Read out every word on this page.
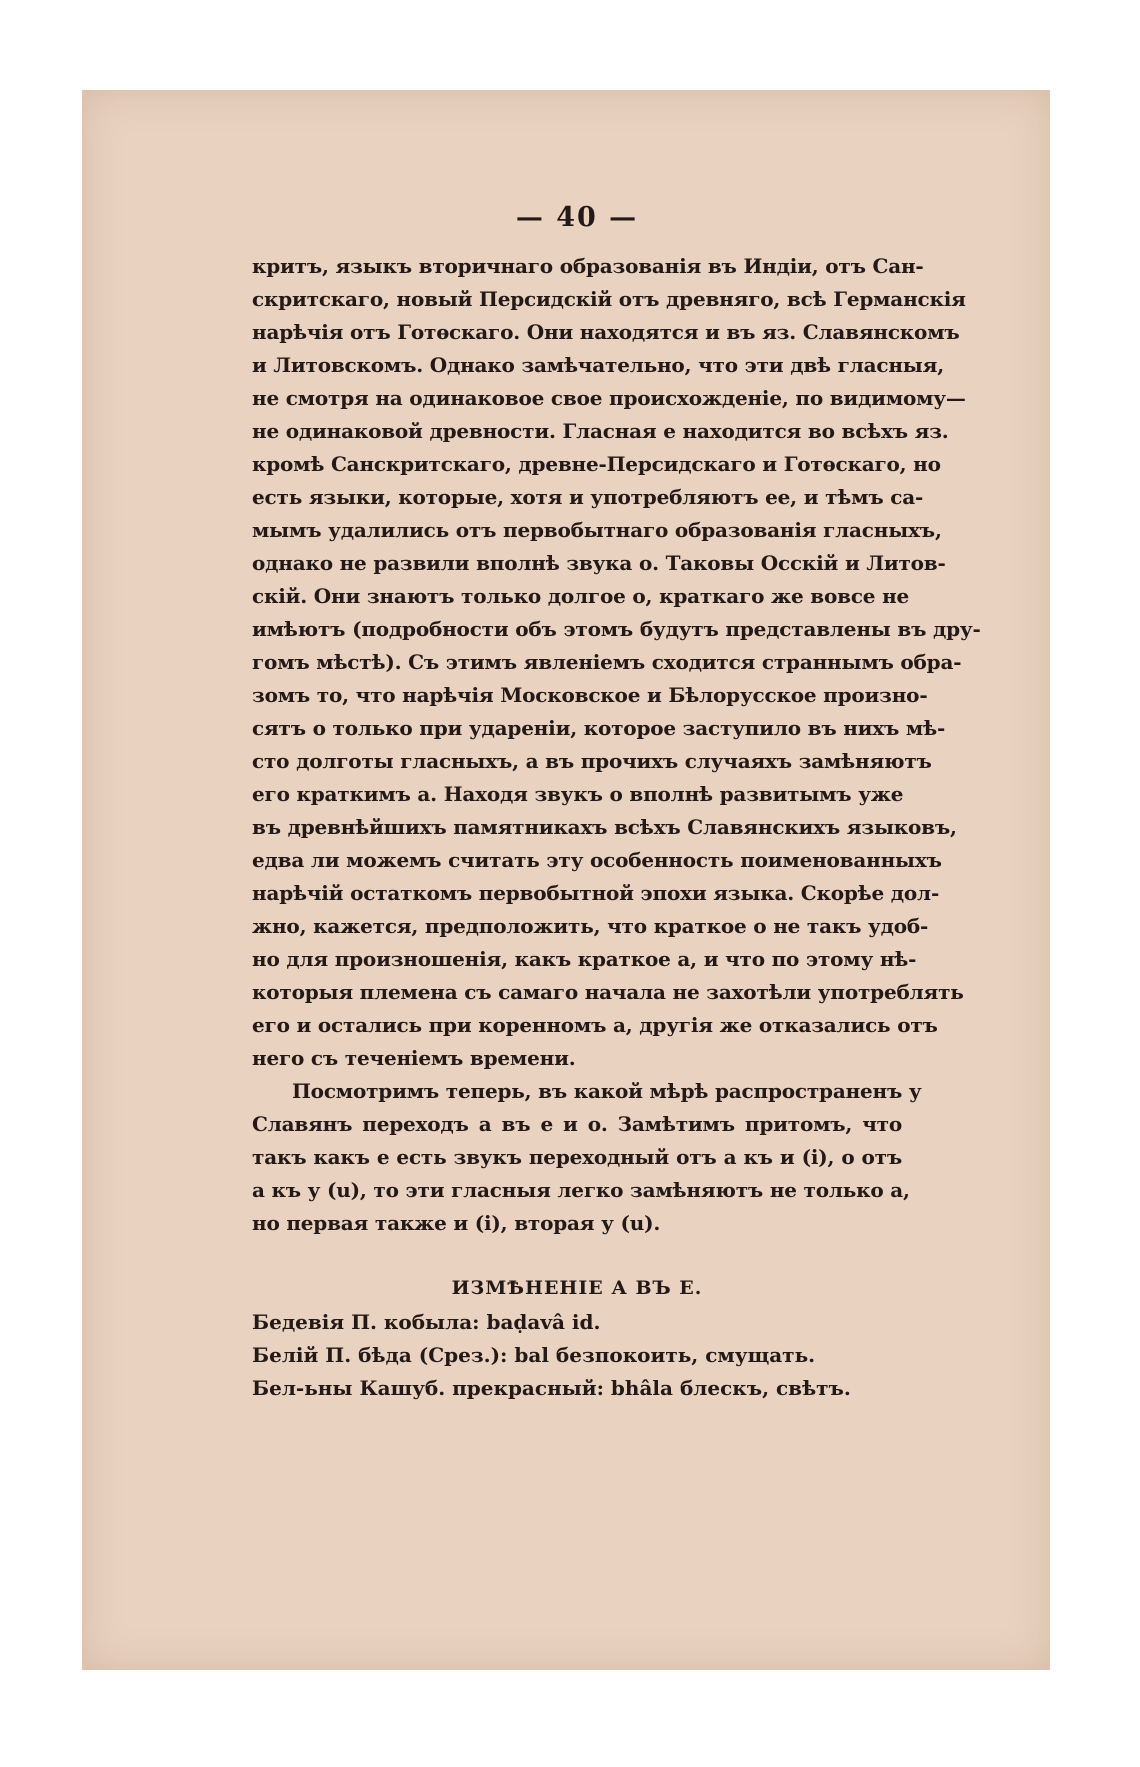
— 40 —
критъ, языкъ вторичнаго образованія въ Индіи, отъ Сан-
скритскаго, новый Персидскій отъ древняго, всѣ Германскія
нарѣчія отъ Готѳскаго. Они находятся и въ яз. Славянскомъ
и Литовскомъ. Однако замѣчательно, что эти двѣ гласныя,
не смотря на одинаковое свое происхожденіе, по видимому—
не одинаковой древности. Гласная е находится во всѣхъ яз.
кромѣ Санскритскаго, древне-Персидскаго и Готѳскаго, но
есть языки, которые, хотя и употребляютъ ее, и тѣмъ са-
мымъ удалились отъ первобытнаго образованія гласныхъ,
однако не развили вполнѣ звука о. Таковы Осскій и Литов-
скій. Они знаютъ только долгое о, краткаго же вовсе не
имѣютъ (подробности объ этомъ будутъ представлены въ дру-
гомъ мѣстѣ). Съ этимъ явленіемъ сходится страннымъ обра-
зомъ то, что нарѣчія Московское и Бѣлорусское произно-
сятъ о только при удареніи, которое заступило въ нихъ мѣ-
сто долготы гласныхъ, а въ прочихъ случаяхъ замѣняютъ
его краткимъ а. Находя звукъ о вполнѣ развитымъ уже
въ древнѣйшихъ памятникахъ всѣхъ Славянскихъ языковъ,
едва ли можемъ считать эту особенность поименованныхъ
нарѣчій остаткомъ первобытной эпохи языка. Скорѣе дол-
жно, кажется, предположить, что краткое о не такъ удоб-
но для произношенія, какъ краткое а, и что по этому нѣ-
которыя племена съ самаго начала не захотѣли употреблять
его и остались при коренномъ а, другія же отказались отъ
него съ теченіемъ времени.
Посмотримъ теперь, въ какой мѣрѣ распространенъ у
Славянъ переходъ а въ е и о. Замѣтимъ притомъ, что
такъ какъ е есть звукъ переходный отъ а къ и (і), о отъ
а къ у (u), то эти гласныя легко замѣняютъ не только а,
но первая также и (і), вторая у (u).
ИЗМѢНЕНІЕ А ВЪ Е.
Бедевія П. кобыла: baḍavâ id.
Белій П. бѣда (Срез.): bal безпокоить, смущать.
Бел-ьны Кашуб. прекрасный: bhâla блескъ, свѣтъ.
